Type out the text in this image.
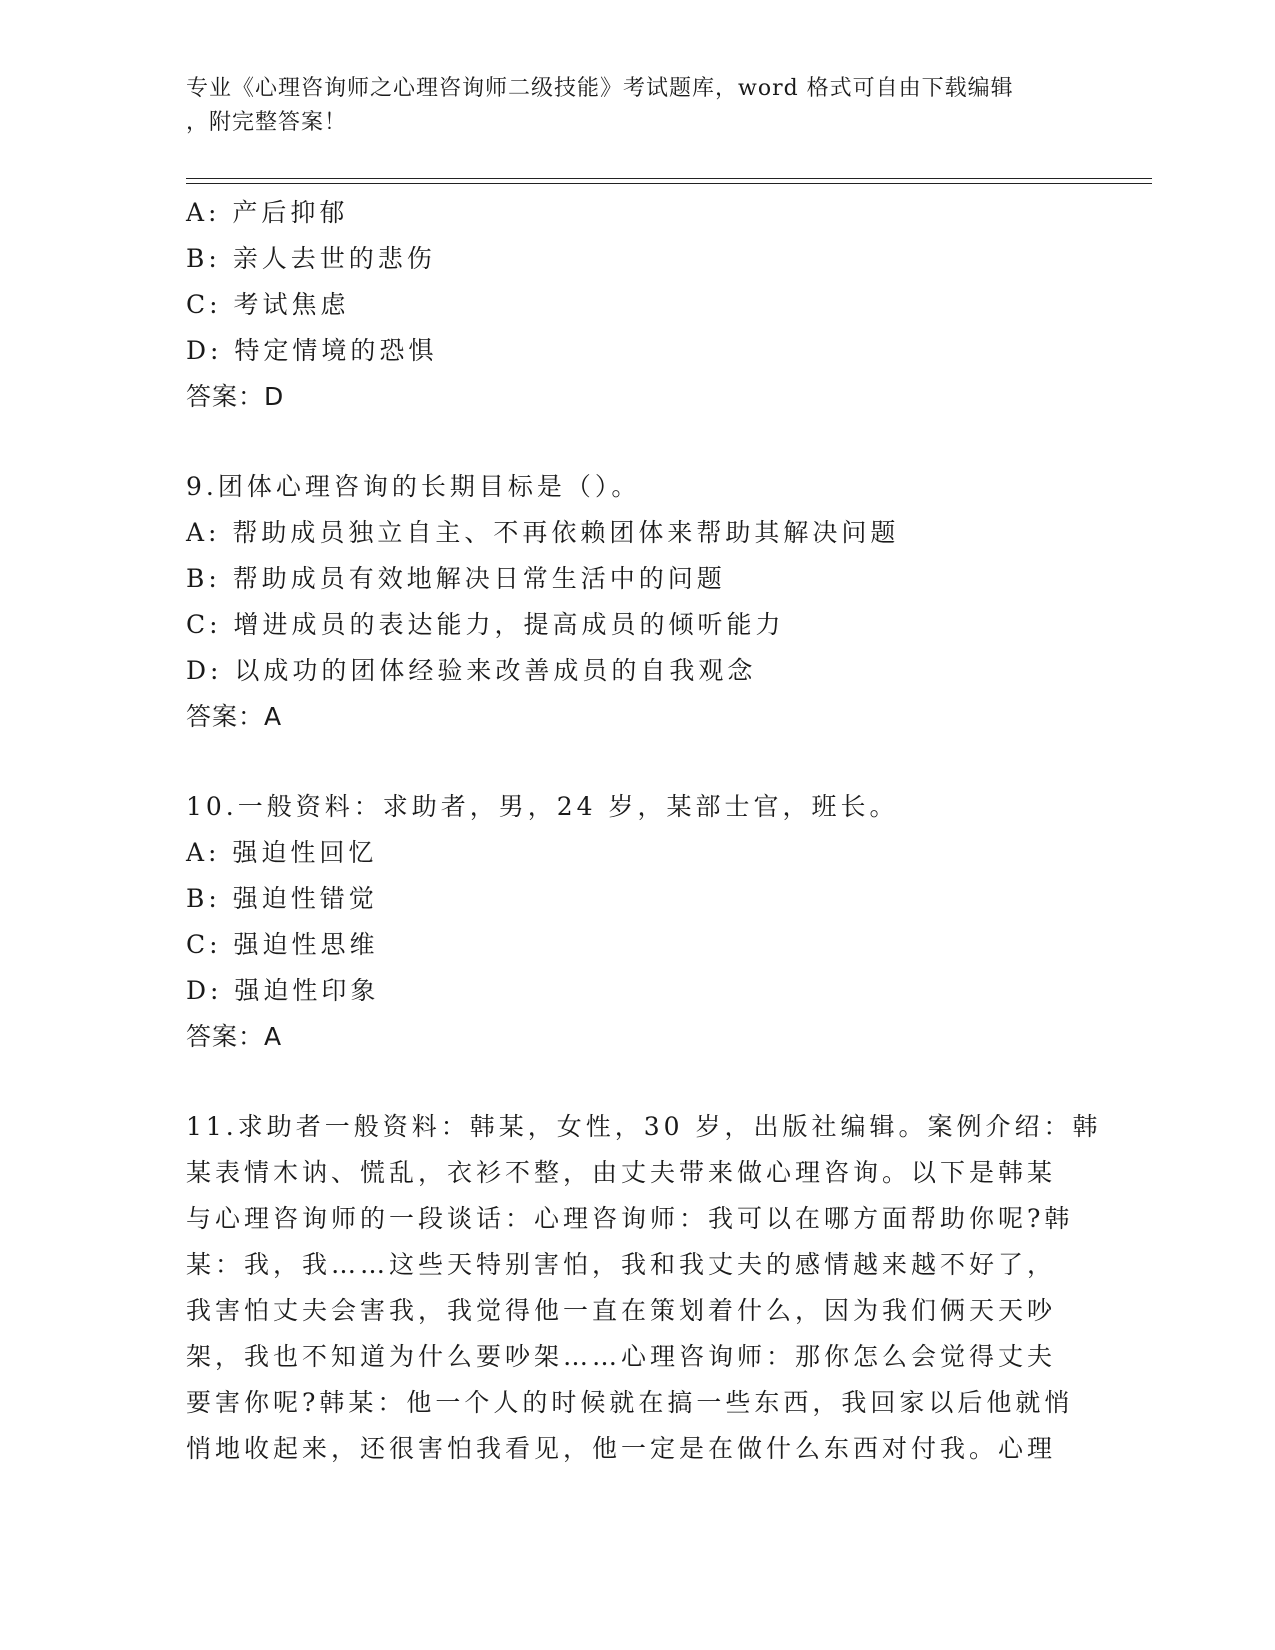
专业《心理咨询师之心理咨询师二级技能》考试题库，word 格式可自由下载编辑
，附完整答案！
A: 产后抑郁
B: 亲人去世的悲伤
C: 考试焦虑
D: 特定情境的恐惧
答案：D
9.团体心理咨询的长期目标是（）。
A: 帮助成员独立自主、不再依赖团体来帮助其解决问题
B: 帮助成员有效地解决日常生活中的问题
C: 增进成员的表达能力，提高成员的倾听能力
D: 以成功的团体经验来改善成员的自我观念
答案：A
10.一般资料：求助者，男，24 岁，某部士官，班长。
A: 强迫性回忆
B: 强迫性错觉
C: 强迫性思维
D: 强迫性印象
答案：A
11.求助者一般资料：韩某，女性，30 岁，出版社编辑。案例介绍：韩
某表情木讷、慌乱，衣衫不整，由丈夫带来做心理咨询。以下是韩某
与心理咨询师的一段谈话：心理咨询师：我可以在哪方面帮助你呢?韩
某：我，我……这些天特别害怕，我和我丈夫的感情越来越不好了，
我害怕丈夫会害我，我觉得他一直在策划着什么，因为我们俩天天吵
架，我也不知道为什么要吵架……心理咨询师：那你怎么会觉得丈夫
要害你呢?韩某：他一个人的时候就在搞一些东西，我回家以后他就悄
悄地收起来，还很害怕我看见，他一定是在做什么东西对付我。心理
